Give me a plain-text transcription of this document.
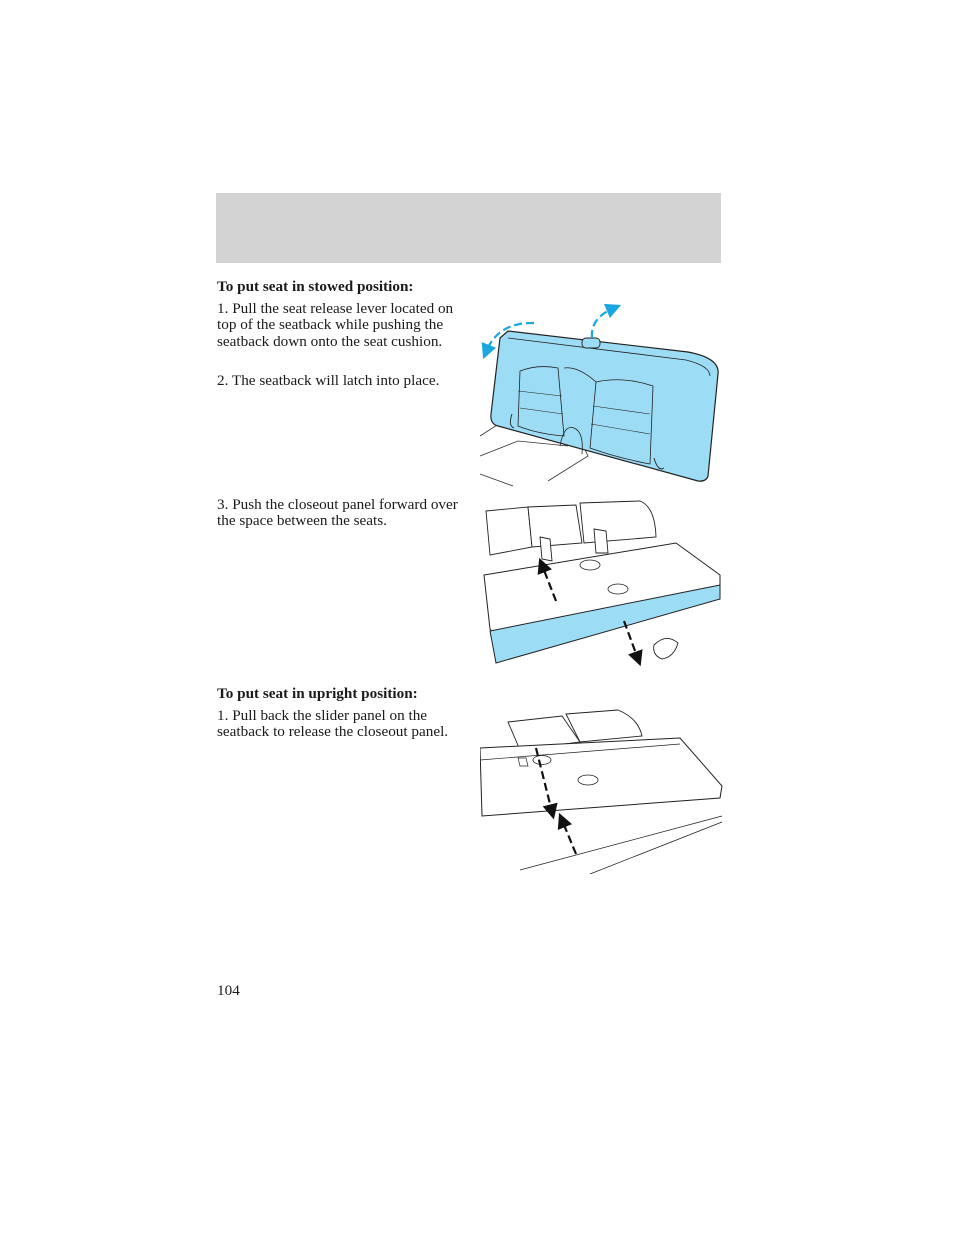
To put seat in stowed position:
1. Pull the seat release lever located on top of the seatback while pushing the seatback down onto the seat cushion.
2. The seatback will latch into place.
3. Push the closeout panel forward over the space between the seats.
To put seat in upright position:
1. Pull back the slider panel on the seatback to release the closeout panel.
104
